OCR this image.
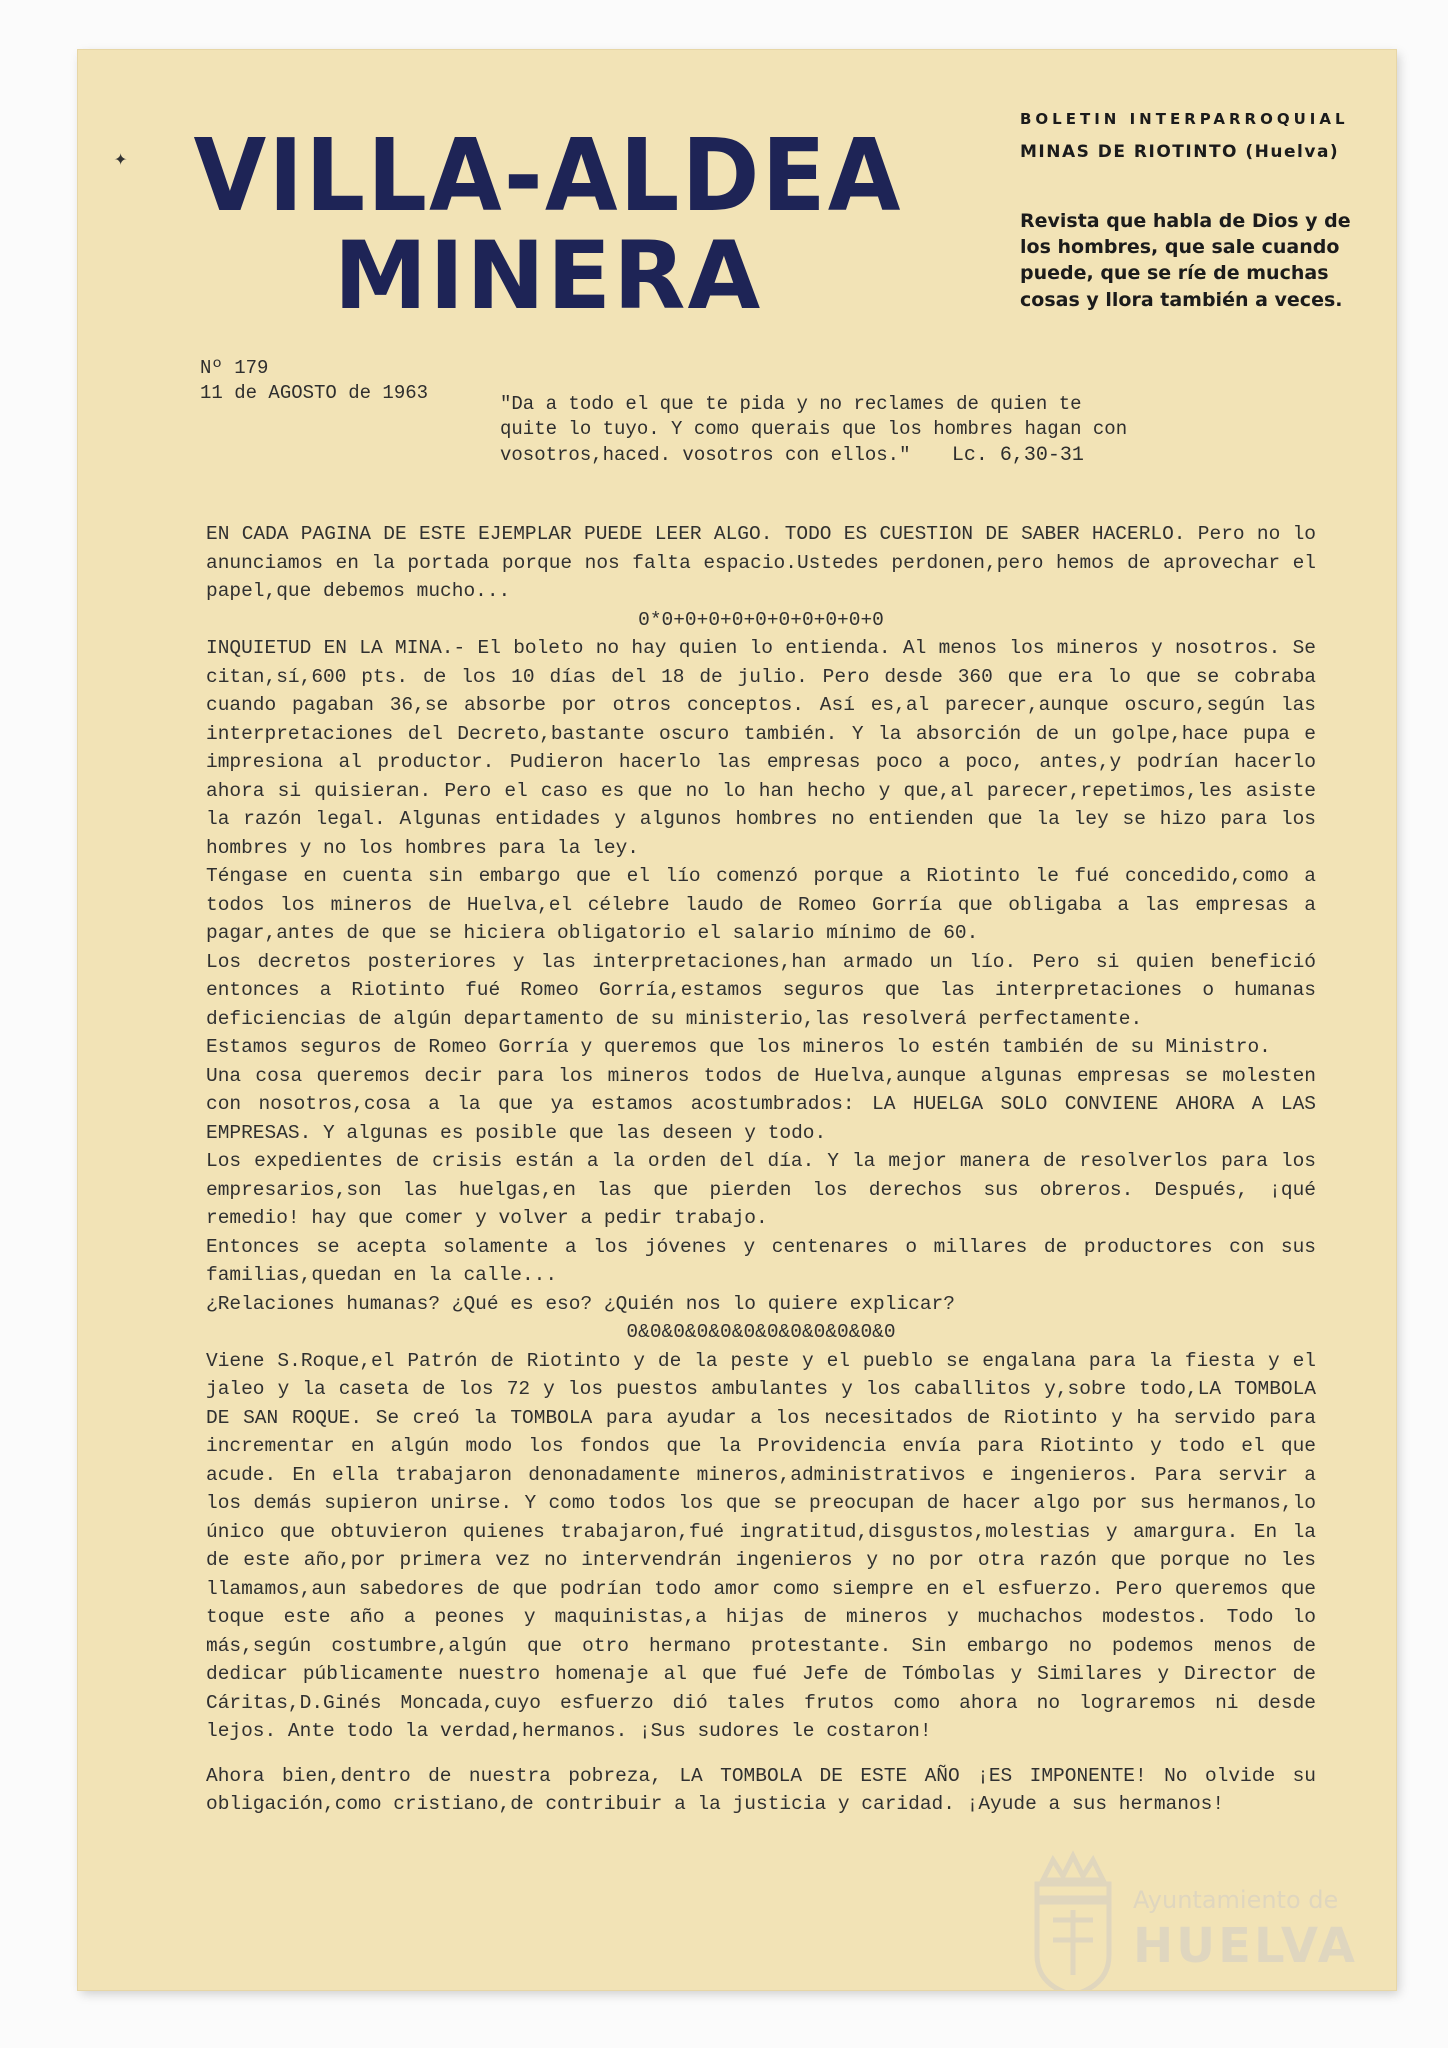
✦ VILLA-ALDEA
MINERA
BOLETIN INTERPARROQUIAL
MINAS DE RIOTINTO (Huelva)
Revista que habla de Dios y de los hombres, que sale cuando puede, que se ríe de muchas cosas y llora también a veces.
Nº 179
11 de AGOSTO de 1963
"Da a todo el que te pida y no reclames de quien te quite lo tuyo. Y como querais que los hombres hagan con vosotros,haced. vosotros con ellos." Lc. 6,30-31

EN CADA PAGINA DE ESTE EJEMPLAR PUEDE LEER ALGO. TODO ES CUESTION DE SABER HACERLO. Pero no lo anunciamos en la portada porque nos falta espacio.Ustedes perdonen,pero hemos de aprovechar el papel,que debemos mucho...

0*0+0+0+0+0+0+0+0+0+0

INQUIETUD EN LA MINA.- El boleto no hay quien lo entienda. Al menos los mineros y nosotros. Se citan,sí,600 pts. de los 10 días del 18 de julio. Pero desde 360 que era lo que se cobraba cuando pagaban 36,se absorbe por otros conceptos. Así es,al parecer,aunque oscuro,según las interpretaciones del Decreto,bastante oscuro también. Y la absorción de un golpe,hace pupa e impresiona al productor. Pudieron hacerlo las empresas poco a poco, antes,y podrían hacerlo ahora si quisieran. Pero el caso es que no lo han hecho y que,al parecer,repetimos,les asiste la razón legal. Algunas entidades y algunos hombres no entienden que la ley se hizo para los hombres y no los hombres para la ley.

Téngase en cuenta sin embargo que el lío comenzó porque a Riotinto le fué concedido,como a todos los mineros de Huelva,el célebre laudo de Romeo Gorría que obligaba a las empresas a pagar,antes de que se hiciera obligatorio el salario mínimo de 60.

Los decretos posteriores y las interpretaciones,han armado un lío. Pero si quien benefició entonces a Riotinto fué Romeo Gorría,estamos seguros que las interpretaciones o humanas deficiencias de algún departamento de su ministerio,las resolverá perfectamente.

Estamos seguros de Romeo Gorría y queremos que los mineros lo estén también de su Ministro.

Una cosa queremos decir para los mineros todos de Huelva,aunque algunas empresas se molesten con nosotros,cosa a la que ya estamos acostumbrados: LA HUELGA SOLO CONVIENE AHORA A LAS EMPRESAS. Y algunas es posible que las deseen y todo.

Los expedientes de crisis están a la orden del día. Y la mejor manera de resolverlos para los empresarios,son las huelgas,en las que pierden los derechos sus obreros. Después, ¡qué remedio! hay que comer y volver a pedir trabajo.

Entonces se acepta solamente a los jóvenes y centenares o millares de productores con sus familias,quedan en la calle...

¿Relaciones humanas? ¿Qué es eso? ¿Quién nos lo quiere explicar?

0&0&0&0&0&0&0&0&0&0&0&0

Viene S.Roque,el Patrón de Riotinto y de la peste y el pueblo se engalana para la fiesta y el jaleo y la caseta de los 72 y los puestos ambulantes y los caballitos y,sobre todo,LA TOMBOLA DE SAN ROQUE. Se creó la TOMBOLA para ayudar a los necesitados de Riotinto y ha servido para incrementar en algún modo los fondos que la Providencia envía para Riotinto y todo el que acude. En ella trabajaron denonadamente mineros,administrativos e ingenieros. Para servir a los demás supieron unirse. Y como todos los que se preocupan de hacer algo por sus hermanos,lo único que obtuvieron quienes trabajaron,fué ingratitud,disgustos,molestias y amargura. En la de este año,por primera vez no intervendrán ingenieros y no por otra razón que porque no les llamamos,aun sabedores de que podrían todo amor como siempre en el esfuerzo. Pero queremos que toque este año a peones y maquinistas,a hijas de mineros y muchachos modestos. Todo lo más,según costumbre,algún que otro hermano protestante. Sin embargo no podemos menos de dedicar públicamente nuestro homenaje al que fué Jefe de Tómbolas y Similares y Director de Cáritas,D.Ginés Moncada,cuyo esfuerzo dió tales frutos como ahora no lograremos ni desde lejos. Ante todo la verdad,hermanos. ¡Sus sudores le costaron!

Ahora bien,dentro de nuestra pobreza, LA TOMBOLA DE ESTE AÑO ¡ES IMPONENTE! No olvide su obligación,como cristiano,de contribuir a la justicia y caridad. ¡Ayude a sus hermanos!

Ayuntamiento de
HUELVA
